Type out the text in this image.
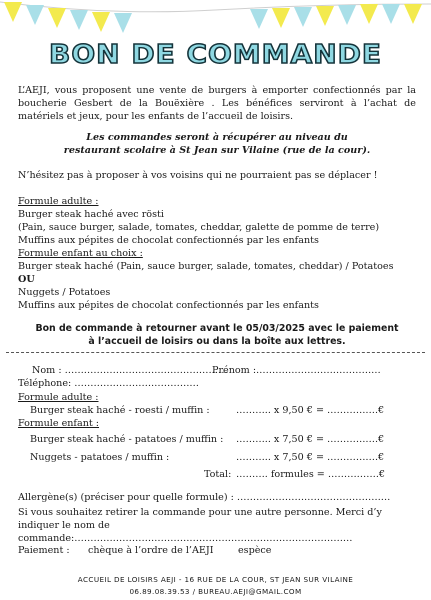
BON DE COMMANDE
L’AEJI, vous proposent une vente de burgers à emporter confectionnés par la boucherie Gesbert de la Bouëxière . Les bénéfices serviront à l’achat de matériels et jeux, pour les enfants de l’accueil de loisirs.
Les commandes seront à récupérer au niveau du
restaurant scolaire à St Jean sur Vilaine (rue de la cour).
N’hésitez pas à proposer à vos voisins qui ne pourraient pas se déplacer !
Formule adulte :
Burger steak haché avec rösti
(Pain, sauce burger, salade, tomates, cheddar, galette de pomme de terre)
Muffins aux pépites de chocolat confectionnés par les enfants
Formule enfant au choix :
Burger steak haché (Pain, sauce burger, salade, tomates, cheddar) / Potatoes
OU
Nuggets / Potatoes
Muffins aux pépites de chocolat confectionnés par les enfants
Bon de commande à retourner avant le 05/03/2025 avec le paiement
à l’accueil de loisirs ou dans la boîte aux lettres.
Nom : ……………………………………………
Prénom :…………………………………
Téléphone: …………………………………
Formule adulte :
Burger steak haché - roesti / muffin :	……….. x 9,50 € = …………….€
Formule enfant :
Burger steak haché - patatoes / muffin : ……….. x 7,50 € = …………….€
Nuggets - patatoes / muffin :	……….. x 7,50 € = …………….€
Total: ………. formules = …………….€
Allergène(s) (préciser pour quelle formule) : …………………………………………
Si vous souhaitez retirer la commande pour une autre personne. Merci d’y indiquer le nom de commande:……………………………………………………………………………
Paiement : chèque à l’ordre de l’AEJI	espèce
ACCUEIL DE LOISIRS AEJI - 16 RUE DE LA COUR, ST JEAN SUR VILAINE
06.89.08.39.53 / BUREAU.AEJI@GMAIL.COM
